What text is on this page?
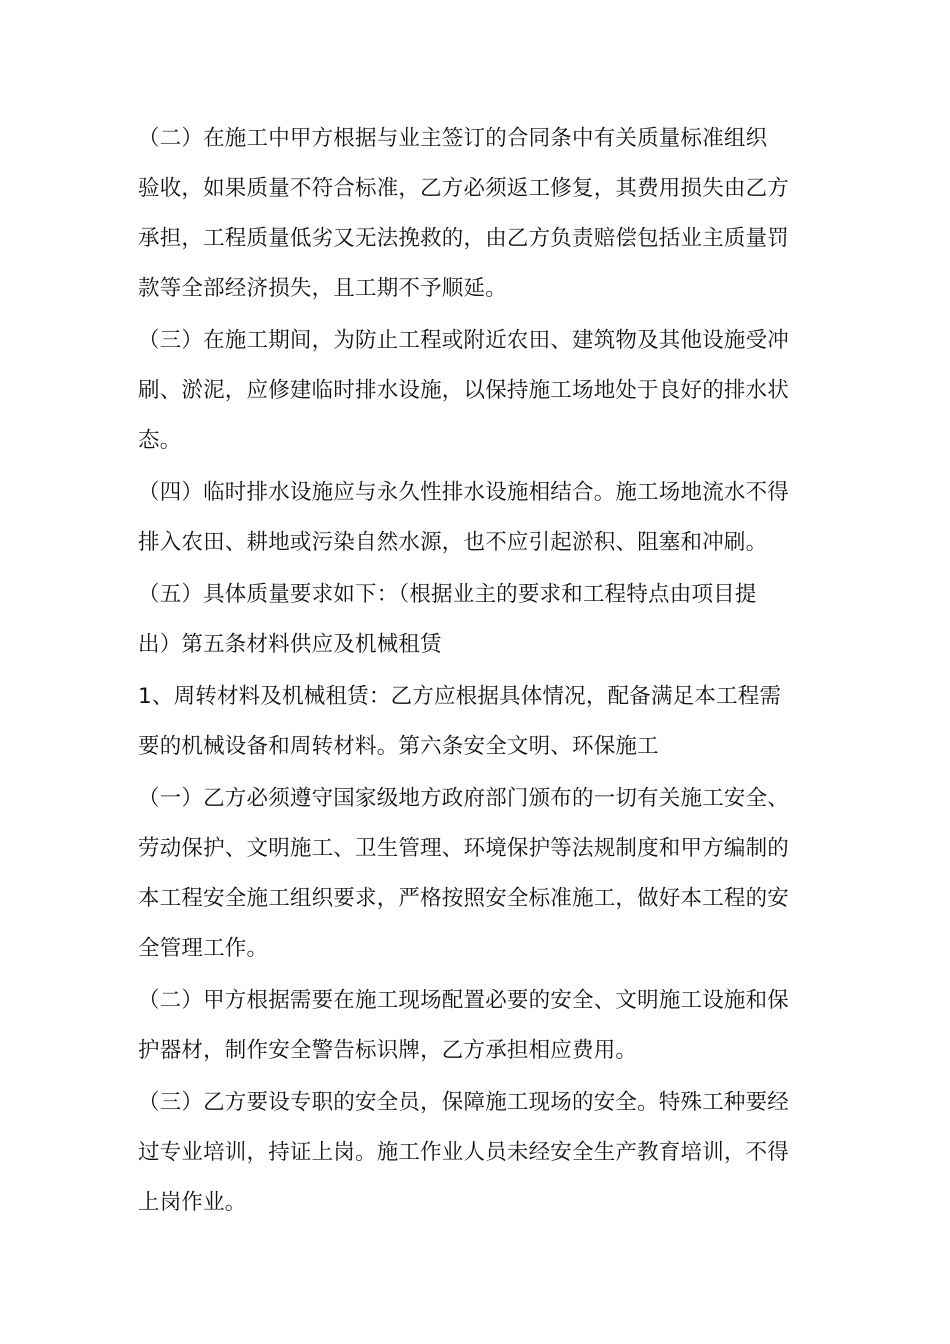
（二）在施工中甲方根据与业主签订的合同条中有关质量标准组织
验收，如果质量不符合标准，乙方必须返工修复，其费用损失由乙方
承担，工程质量低劣又无法挽救的，由乙方负责赔偿包括业主质量罚
款等全部经济损失，且工期不予顺延。
（三）在施工期间，为防止工程或附近农田、建筑物及其他设施受冲
刷、淤泥，应修建临时排水设施，以保持施工场地处于良好的排水状
态。
（四）临时排水设施应与永久性排水设施相结合。施工场地流水不得
排入农田、耕地或污染自然水源，也不应引起淤积、阻塞和冲刷。
（五）具体质量要求如下：（根据业主的要求和工程特点由项目提
出）第五条材料供应及机械租赁
1、周转材料及机械租赁：乙方应根据具体情况，配备满足本工程需
要的机械设备和周转材料。第六条安全文明、环保施工
（一）乙方必须遵守国家级地方政府部门颁布的一切有关施工安全、
劳动保护、文明施工、卫生管理、环境保护等法规制度和甲方编制的
本工程安全施工组织要求，严格按照安全标准施工，做好本工程的安
全管理工作。
（二）甲方根据需要在施工现场配置必要的安全、文明施工设施和保
护器材，制作安全警告标识牌，乙方承担相应费用。
（三）乙方要设专职的安全员，保障施工现场的安全。特殊工种要经
过专业培训，持证上岗。施工作业人员未经安全生产教育培训，不得
上岗作业。
